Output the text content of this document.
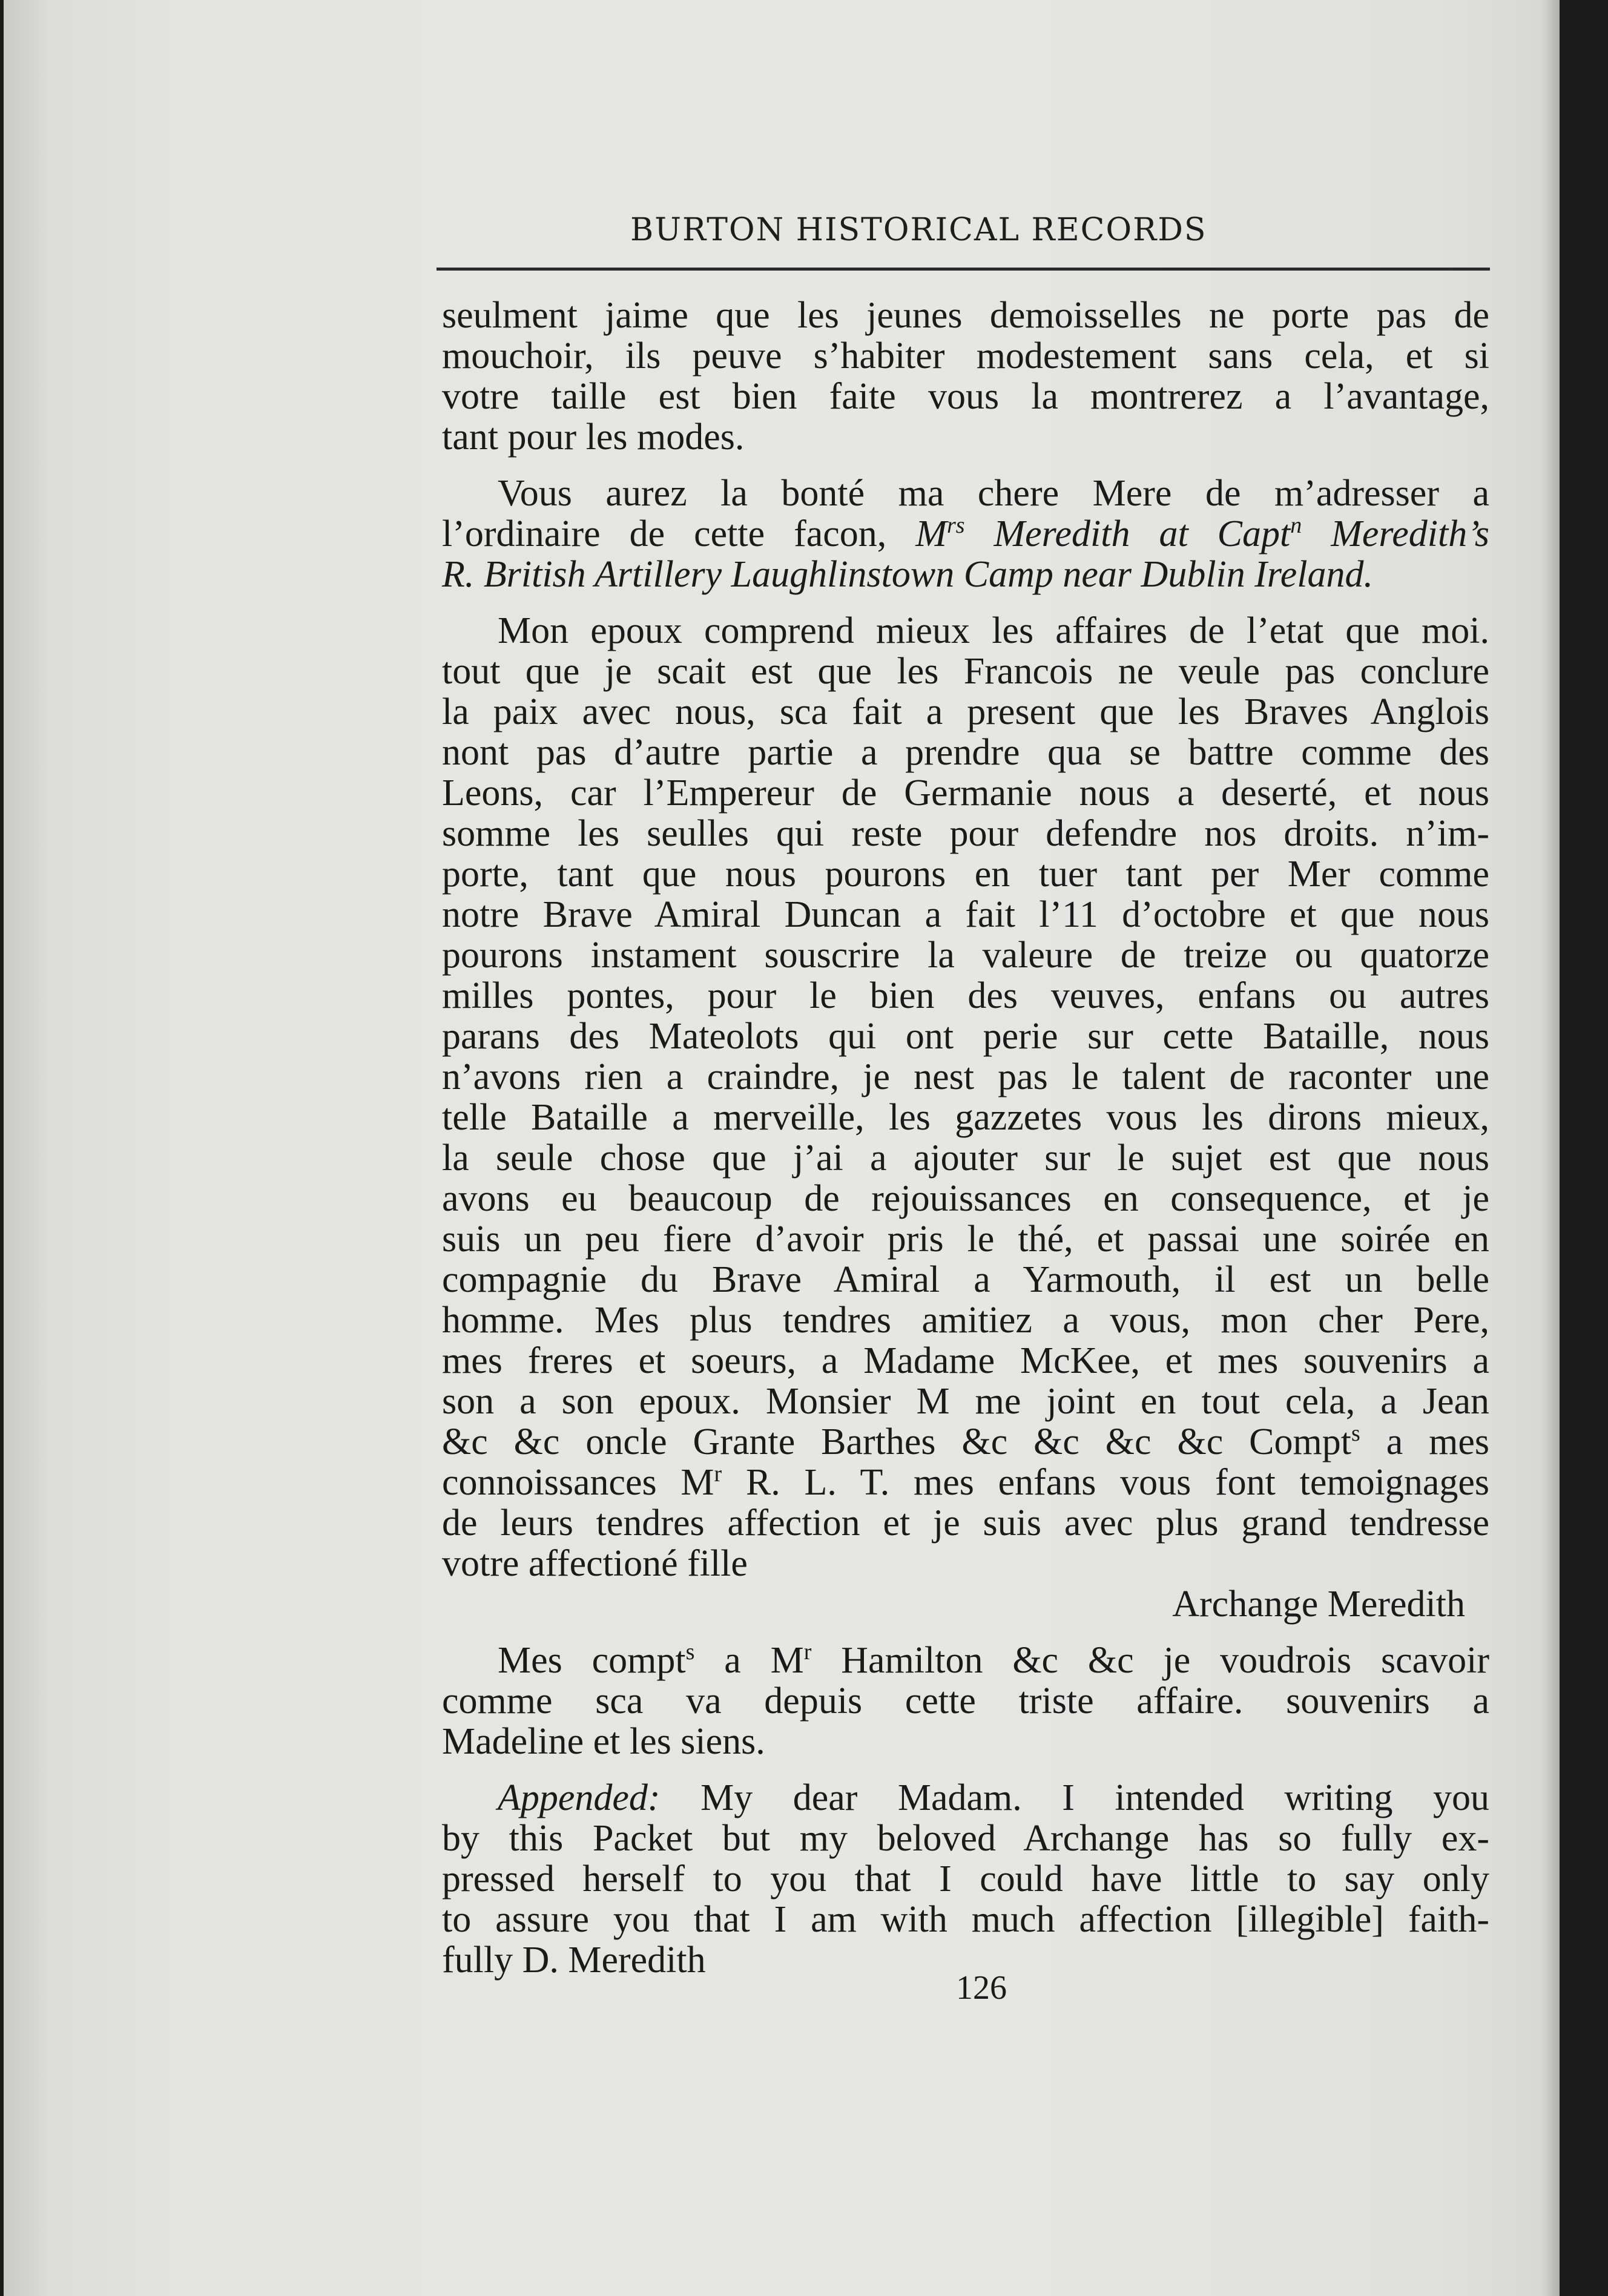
BURTON HISTORICAL RECORDS
seulment jaime que les jeunes demoisselles ne porte pas de
mouchoir, ils peuve s’habiter modestement sans cela, et si
votre taille est bien faite vous la montrerez a l’avantage,
tant pour les modes.
Vous aurez la bonté ma chere Mere de m’adresser a
l’ordinaire de cette facon, $M^{rs}$ Meredith at Capt$^n$ Meredith’s
R. British Artillery Laughlinstown Camp near Dublin Ireland.
Mon epoux comprend mieux les affaires de l’etat que moi.
tout que je scait est que les Francois ne veule pas conclure
la paix avec nous, sca fait a present que les Braves Anglois
nont pas d’autre partie a prendre qua se battre comme des
Leons, car l’Empereur de Germanie nous a deserté, et nous
somme les seulles qui reste pour defendre nos droits. n’im-
porte, tant que nous pourons en tuer tant per Mer comme
notre Brave Amiral Duncan a fait l’11 d’octobre et que nous
pourons instament souscrire la valeure de treize ou quatorze
milles pontes, pour le bien des veuves, enfans ou autres
parans des Mateolots qui ont perie sur cette Bataille, nous
n’avons rien a craindre, je nest pas le talent de raconter une
telle Bataille a merveille, les gazzetes vous les dirons mieux,
la seule chose que j’ai a ajouter sur le sujet est que nous
avons eu beaucoup de rejouissances en consequence, et je
suis un peu fiere d’avoir pris le thé, et passai une soirée en
compagnie du Brave Amiral a Yarmouth, il est un belle
homme. Mes plus tendres amitiez a vous, mon cher Pere,
mes freres et soeurs, a Madame McKee, et mes souvenirs a
son a son epoux. Monsier M me joint en tout cela, a Jean
&c &c oncle Grante Barthes &c &c &c &c Compt$^s$ a mes
connoissances $M^r$ R. L. T. mes enfans vous font temoignages
de leurs tendres affection et je suis avec plus grand tendresse
votre affectioné fille
Archange Meredith
Mes compt$^s$ a $M^r$ Hamilton &c &c je voudrois scavoir
comme sca va depuis cette triste affaire. souvenirs a
Madeline et les siens.
Appended: My dear Madam. I intended writing you
by this Packet but my beloved Archange has so fully ex-
pressed herself to you that I could have little to say only
to assure you that I am with much affection [illegible] faith-
fully D. Meredith
126
